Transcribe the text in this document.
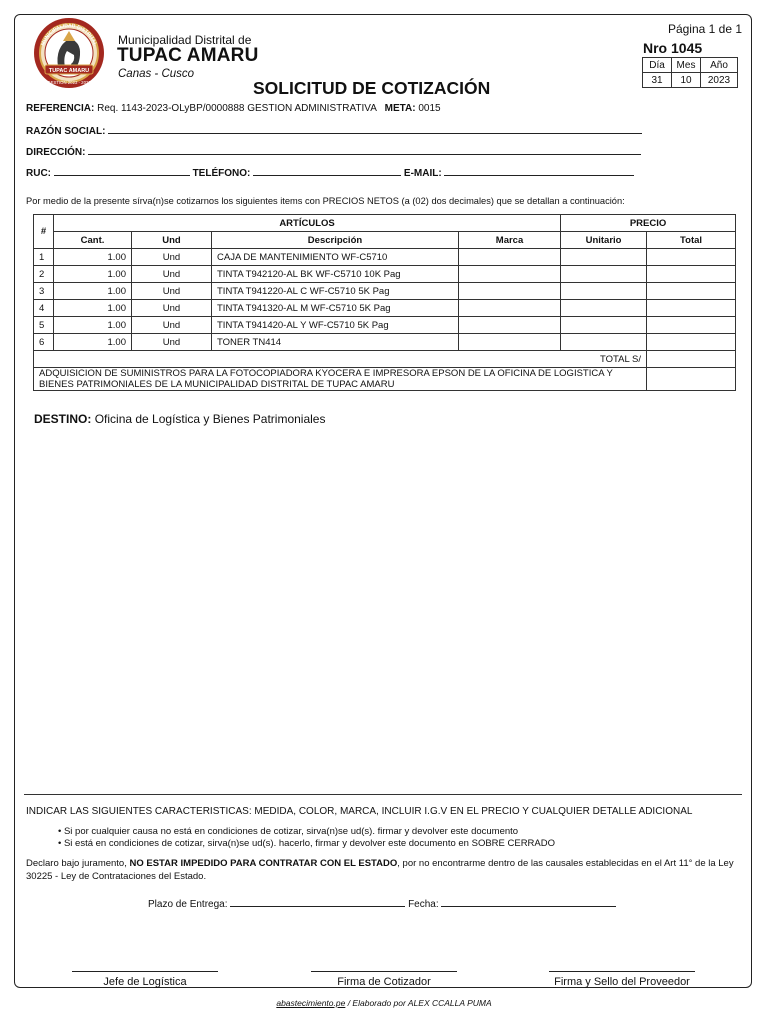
TUPAC AMARU
MUNICIPALIDAD DISTRITAL
GESTIÓN 2023 - 2026
Municipalidad Distrital de
TUPAC AMARU
Canas - Cusco
SOLICITUD DE COTIZACIÓN
Página 1 de 1
Nro 1045
Día	Mes	Año
31	10	2023
REFERENCIA: Req. 1143-2023-OLyBP/0000888 GESTION ADMINISTRATIVA META: 0015
RAZÓN SOCIAL:
DIRECCIÓN:
RUC:	TELÉFONO:	E-MAIL:
Por medio de la presente sírva(n)se cotizarnos los siguientes items con PRECIOS NETOS (a (02) dos decimales) que se detallan a continuación:
#	ARTÍCULOS				PRECIO	
	Cant.	Und	Descripción	Marca	Unitario	Total
1	1.00	Und	CAJA DE MANTENIMIENTO WF-C5710			
2	1.00	Und	TINTA T942120-AL BK WF-C5710 10K Pag			
3	1.00	Und	TINTA T941220-AL C WF-C5710 5K Pag			
4	1.00	Und	TINTA T941320-AL M WF-C5710 5K Pag			
5	1.00	Und	TINTA T941420-AL Y WF-C5710 5K Pag			
6	1.00	Und	TONER TN414			
TOTAL S/						
ADQUISICION DE SUMINISTROS PARA LA FOTOCOPIADORA KYOCERA E IMPRESORA EPSON DE LA OFICINA DE LOGISTICA Y BIENES PATRIMONIALES DE LA MUNICIPALIDAD DISTRITAL DE TUPAC AMARU						
DESTINO: Oficina de Logística y Bienes Patrimoniales
INDICAR LAS SIGUIENTES CARACTERISTICAS: MEDIDA, COLOR, MARCA, INCLUIR I.G.V EN EL PRECIO Y CUALQUIER DETALLE ADICIONAL
• Si por cualquier causa no está en condiciones de cotizar, sirva(n)se ud(s). firmar y devolver este documento
• Si está en condiciones de cotizar, sirva(n)se ud(s). hacerlo, firmar y devolver este documento en SOBRE CERRADO
Declaro bajo juramento, NO ESTAR IMPEDIDO PARA CONTRATAR CON EL ESTADO, por no encontrarme dentro de las causales establecidas en el Art 11° de la Ley 30225 - Ley de Contrataciones del Estado.
Plazo de Entrega:	Fecha:
Jefe de Logística	Firma de Cotizador	Firma y Sello del Proveedor
abastecimiento.pe / Elaborado por ALEX CCALLA PUMA
